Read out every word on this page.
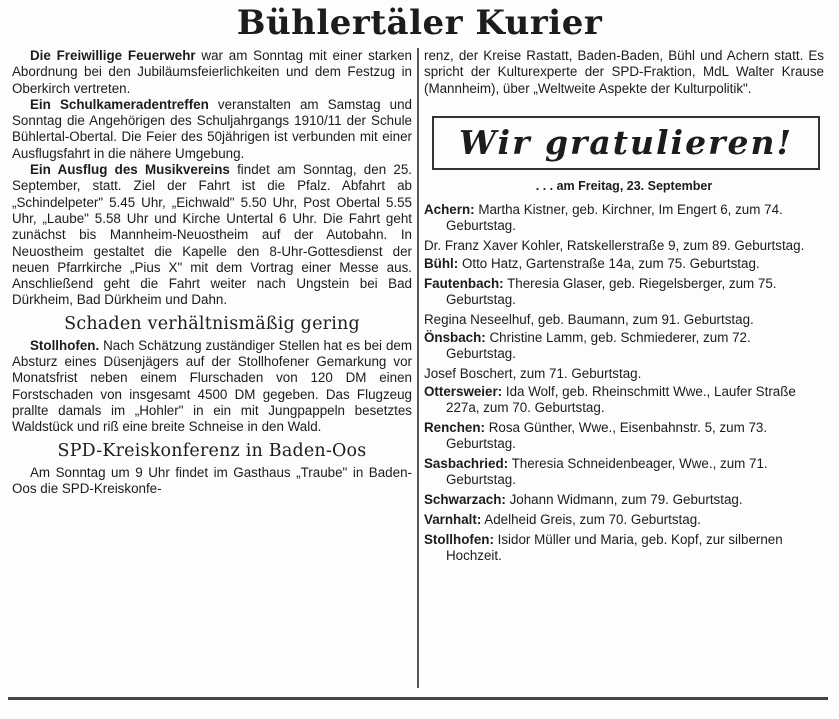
Bühlertäler Kurier

Die Freiwillige Feuerwehr war am Sonntag mit einer starken Abordnung bei den Jubiläumsfeierlichkeiten und dem Festzug in Oberkirch vertreten.

Ein Schulkameradentreffen veranstalten am Samstag und Sonntag die Angehörigen des Schuljahrgangs 1910/11 der Schule Bühlertal-Obertal. Die Feier des 50jährigen ist verbunden mit einer Ausflugsfahrt in die nähere Umgebung.

Ein Ausflug des Musikvereins findet am Sonntag, den 25. September, statt. Ziel der Fahrt ist die Pfalz. Abfahrt ab „Schindelpeter" 5.45 Uhr, „Eichwald" 5.50 Uhr, Post Obertal 5.55 Uhr, „Laube" 5.58 Uhr und Kirche Untertal 6 Uhr. Die Fahrt geht zunächst bis Mannheim-Neuostheim auf der Autobahn. In Neuostheim gestaltet die Kapelle den 8-Uhr-Gottesdienst der neuen Pfarrkirche „Pius X" mit dem Vortrag einer Messe aus. Anschließend geht die Fahrt weiter nach Ungstein bei Bad Dürkheim, Bad Dürkheim und Dahn.

Schaden verhältnismäßig gering

Stollhofen. Nach Schätzung zuständiger Stellen hat es bei dem Absturz eines Düsenjägers auf der Stollhofener Gemarkung vor Monatsfrist neben einem Flurschaden von 120 DM einen Forstschaden von insgesamt 4500 DM gegeben. Das Flugzeug prallte damals im „Hohler" in ein mit Jungpappeln besetztes Waldstück und riß eine breite Schneise in den Wald.

SPD-Kreiskonferenz in Baden-Oos

Am Sonntag um 9 Uhr findet im Gasthaus „Traube" in Baden-Oos die SPD-Kreiskonfe-

renz, der Kreise Rastatt, Baden-Baden, Bühl und Achern statt. Es spricht der Kulturexperte der SPD-Fraktion, MdL Walter Krause (Mannheim), über „Weltweite Aspekte der Kulturpolitik".

Wir gratulieren!
. . . am Freitag, 23. September

Achern: Martha Kistner, geb. Kirchner, Im Engert 6, zum 74. Geburtstag.

Dr. Franz Xaver Kohler, Ratskellerstraße 9, zum 89. Geburtstag.

Bühl: Otto Hatz, Gartenstraße 14a, zum 75. Geburtstag.

Fautenbach: Theresia Glaser, geb. Riegelsberger, zum 75. Geburtstag.

Regina Neseelhuf, geb. Baumann, zum 91. Geburtstag.

Önsbach: Christine Lamm, geb. Schmiederer, zum 72. Geburtstag.

Josef Boschert, zum 71. Geburtstag.

Ottersweier: Ida Wolf, geb. Rheinschmitt Wwe., Laufer Straße 227a, zum 70. Geburtstag.

Renchen: Rosa Günther, Wwe., Eisenbahnstr. 5, zum 73. Geburtstag.

Sasbachried: Theresia Schneidenbeager, Wwe., zum 71. Geburtstag.

Schwarzach: Johann Widmann, zum 79. Geburtstag.

Varnhalt: Adelheid Greis, zum 70. Geburtstag.

Stollhofen: Isidor Müller und Maria, geb. Kopf, zur silbernen Hochzeit.
